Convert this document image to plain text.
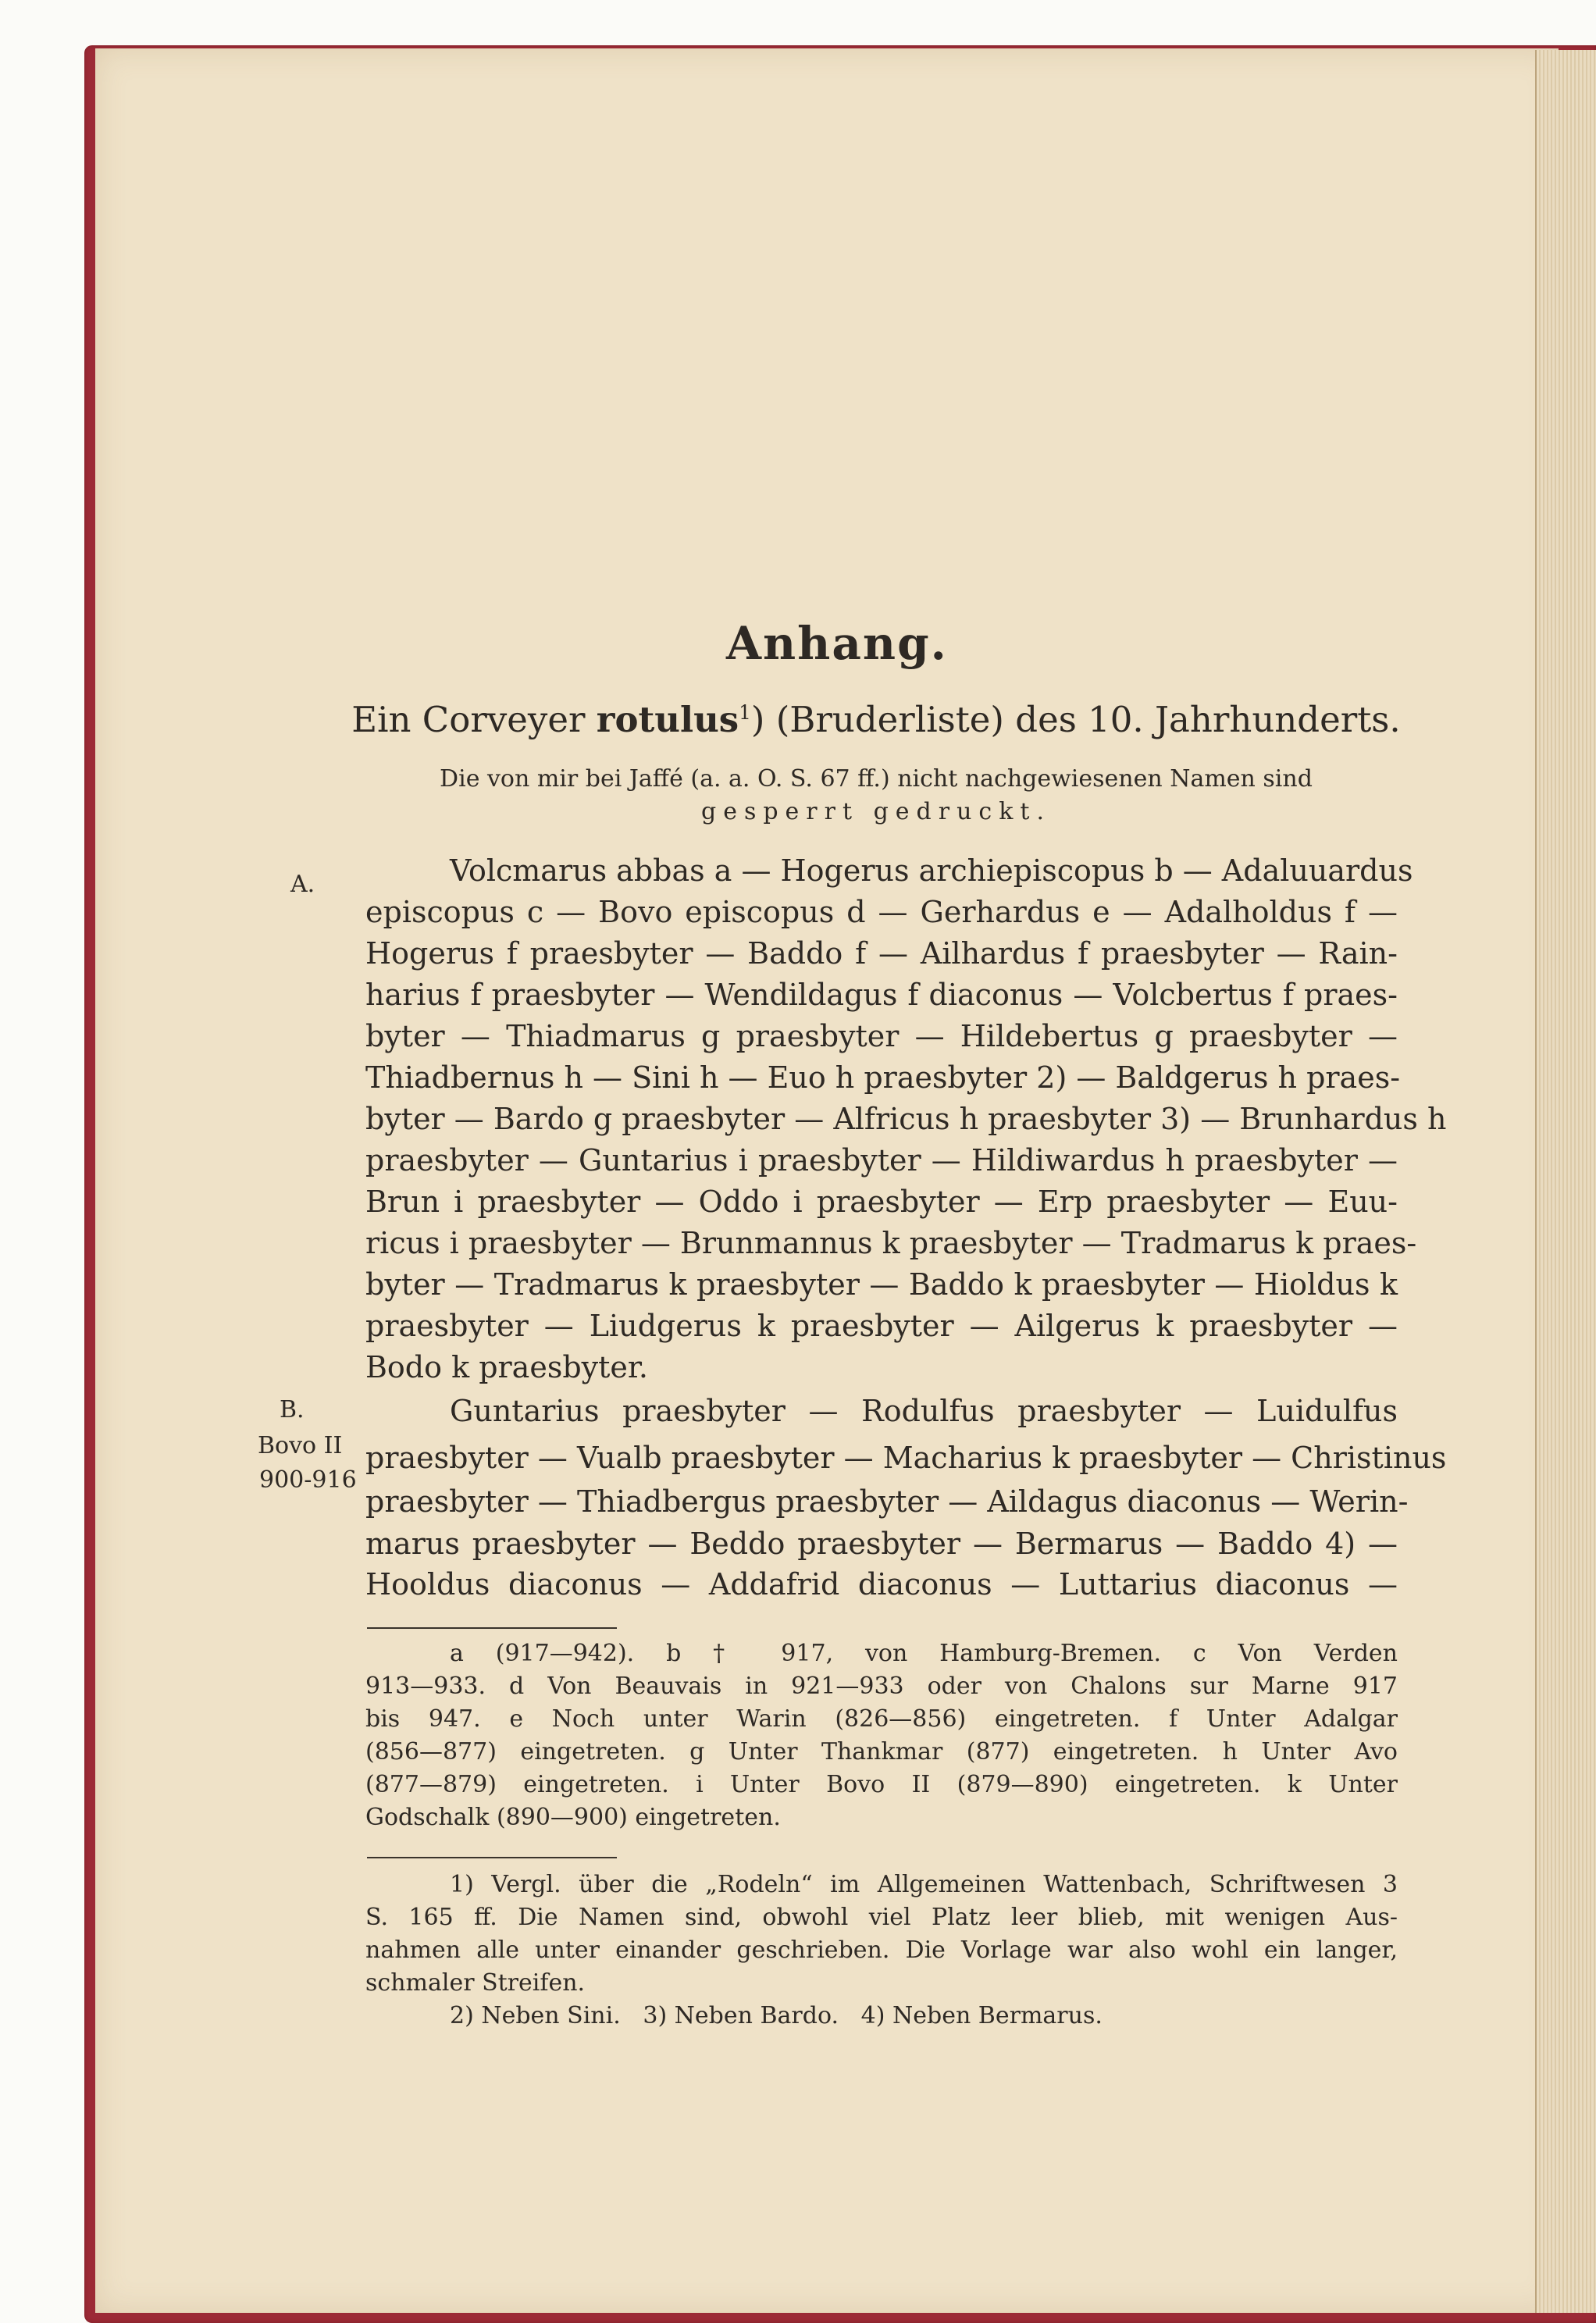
Anhang.
Ein Corveyer rotulus$^1$) (Bruderliste) des 10. Jahrhunderts.
Die von mir bei Jaffé (a. a. O. S. 67 ff.) nicht nachgewiesenen Namen sind
gesperrt gedruckt.
A.	Volcmarus abbas a — Hogerus archiepiscopus b — Adaluuardus
episcopus c — Bovo episcopus d — Gerhardus e — Adalholdus f —
Hogerus f praesbyter — Baddo f — Ailhardus f praesbyter — Rain-
harius f praesbyter — Wendildagus f diaconus — Volcbertus f praes-
byter — Thiadmarus g praesbyter — Hildebertus g praesbyter —
Thiadbernus h — Sini h — Euo h praesbyter 2) — Baldgerus h praes-
byter — Bardo g praesbyter — Alfricus h praesbyter 3) — Brunhardus h
praesbyter — Guntarius i praesbyter — Hildiwardus h praesbyter —
Brun i praesbyter — Oddo i praesbyter — Erp praesbyter — Euu-
ricus i praesbyter — Brunmannus k praesbyter — Tradmarus k praes-
byter — Tradmarus k praesbyter — Baddo k praesbyter — Hioldus k
praesbyter — Liudgerus k praesbyter — Ailgerus k praesbyter —
Bodo k praesbyter.
B.
Bovo II
900-916
Guntarius praesbyter — Rodulfus praesbyter — Luidulfus
praesbyter — Vualb praesbyter — Macharius k praesbyter — Christinus
praesbyter — Thiadbergus praesbyter — Aildagus diaconus — Werin-
marus praesbyter — Beddo praesbyter — Bermarus — Baddo 4) —
Hooldus diaconus — Addafrid diaconus — Luttarius diaconus —
a (917—942). b † 917, von Hamburg-Bremen. c Von Verden
913—933. d Von Beauvais in 921—933 oder von Chalons sur Marne 917
bis 947. e Noch unter Warin (826—856) eingetreten. f Unter Adalgar
(856—877) eingetreten. g Unter Thankmar (877) eingetreten. h Unter Avo
(877—879) eingetreten. i Unter Bovo II (879—890) eingetreten. k Unter
Godschalk (890—900) eingetreten.
1) Vergl. über die „Rodeln“ im Allgemeinen Wattenbach, Schriftwesen 3
S. 165 ff. Die Namen sind, obwohl viel Platz leer blieb, mit wenigen Aus-
nahmen alle unter einander geschrieben. Die Vorlage war also wohl ein langer,
schmaler Streifen.
2) Neben Sini.   3) Neben Bardo.   4) Neben Bermarus.
